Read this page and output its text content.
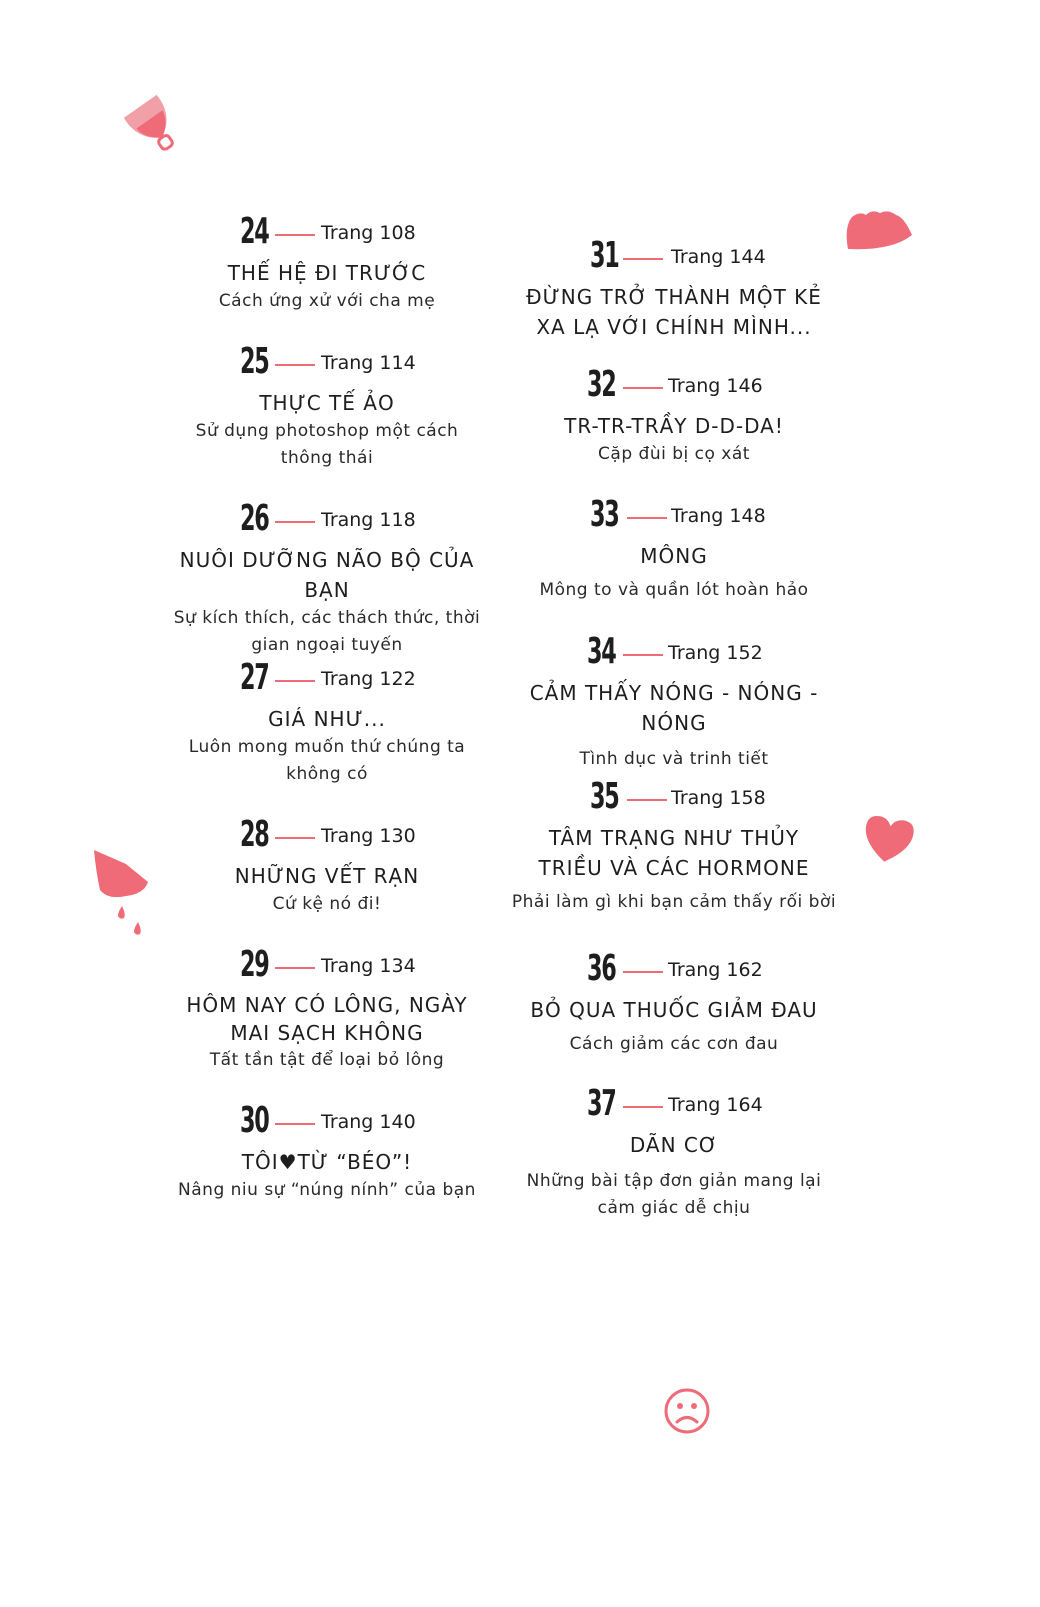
24	Trang 108
THẾ HỆ ĐI TRƯỚC
Cách ứng xử với cha mẹ
25	Trang 114
THỰC TẾ ẢO
Sử dụng photoshop một cách thông thái
26	Trang 118
NUÔI DƯỠNG NÃO BỘ CỦA BẠN
Sự kích thích, các thách thức, thời gian ngoại tuyến
27	Trang 122
GIÁ NHƯ...
Luôn mong muốn thứ chúng ta không có
28	Trang 130
NHỮNG VẾT RẠN
Cứ kệ nó đi!
29	Trang 134
HÔM NAY CÓ LÔNG, NGÀY MAI SẠCH KHÔNG
Tất tần tật để loại bỏ lông
30	Trang 140
TÔI♥TỪ “BÉO”!
Nâng niu sự “núng nính” của bạn
31	Trang 144
ĐỪNG TRỞ THÀNH MỘT KẺ XA LẠ VỚI CHÍNH MÌNH...
32	Trang 146
TR-TR-TRẦY D-D-DA!
Cặp đùi bị cọ xát
33	Trang 148
MÔNG
Mông to và quần lót hoàn hảo
34	Trang 152
CẢM THẤY NÓNG - NÓNG - NÓNG
Tình dục và trinh tiết
35	Trang 158
TÂM TRẠNG NHƯ THỦY TRIỀU VÀ CÁC HORMONE
Phải làm gì khi bạn cảm thấy rối bời
36	Trang 162
BỎ QUA THUỐC GIẢM ĐAU
Cách giảm các cơn đau
37	Trang 164
DÃN CƠ
Những bài tập đơn giản mang lại cảm giác dễ chịu
